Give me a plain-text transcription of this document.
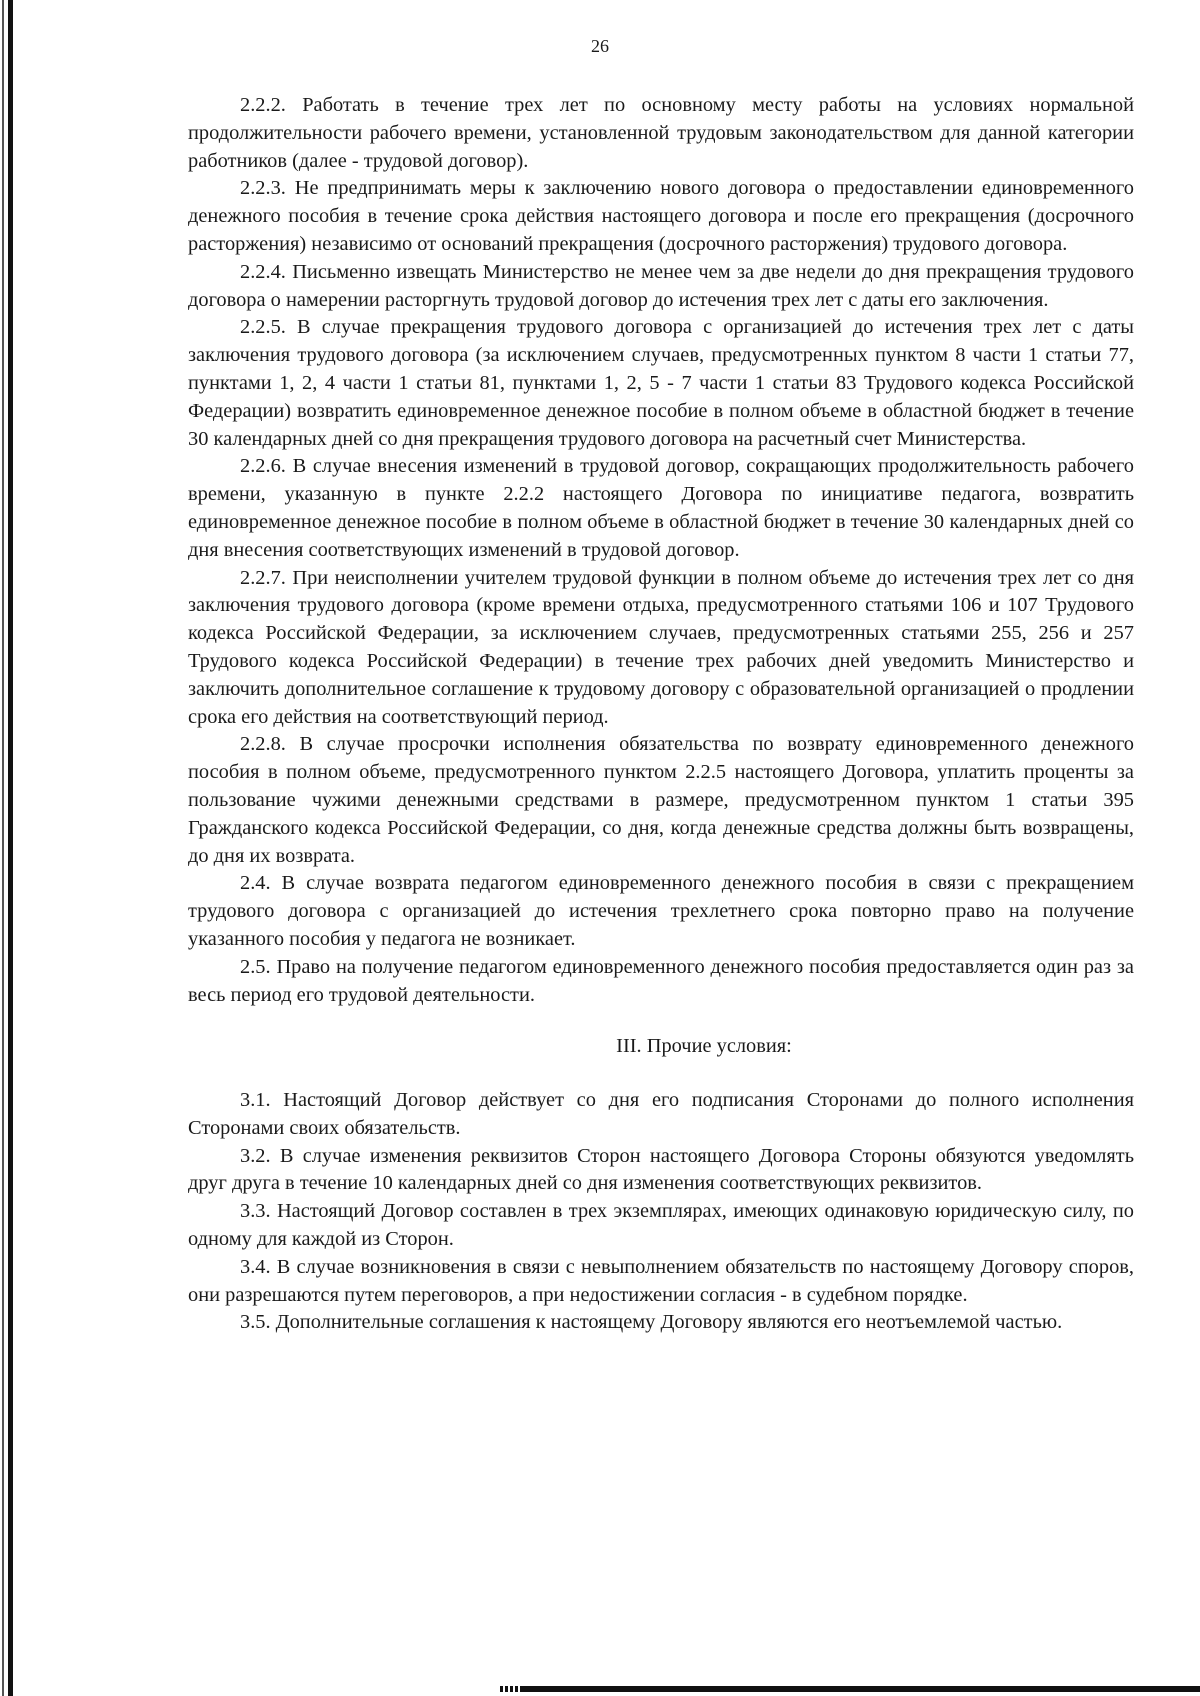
26

2.2.2. Работать в течение трех лет по основному месту работы на условиях нормальной продолжительности рабочего времени, установленной трудовым законодательством для данной категории работников (далее - трудовой договор).

2.2.3. Не предпринимать меры к заключению нового договора о предоставлении единовременного денежного пособия в течение срока действия настоящего договора и после его прекращения (досрочного расторжения) независимо от оснований прекращения (досрочного расторжения) трудового договора.

2.2.4. Письменно извещать Министерство не менее чем за две недели до дня прекращения трудового договора о намерении расторгнуть трудовой договор до истечения трех лет с даты его заключения.

2.2.5. В случае прекращения трудового договора с организацией до истечения трех лет с даты заключения трудового договора (за исключением случаев, предусмотренных пунктом 8 части 1 статьи 77, пунктами 1, 2, 4 части 1 статьи 81, пунктами 1, 2, 5 - 7 части 1 статьи 83 Трудового кодекса Российской Федерации) возвратить единовременное денежное пособие в полном объеме в областной бюджет в течение 30 календарных дней со дня прекращения трудового договора на расчетный счет Министерства.

2.2.6. В случае внесения изменений в трудовой договор, сокращающих продолжительность рабочего времени, указанную в пункте 2.2.2 настоящего Договора по инициативе педагога, возвратить единовременное денежное пособие в полном объеме в областной бюджет в течение 30 календарных дней со дня внесения соответствующих изменений в трудовой договор.

2.2.7. При неисполнении учителем трудовой функции в полном объеме до истечения трех лет со дня заключения трудового договора (кроме времени отдыха, предусмотренного статьями 106 и 107 Трудового кодекса Российской Федерации, за исключением случаев, предусмотренных статьями 255, 256 и 257 Трудового кодекса Российской Федерации) в течение трех рабочих дней уведомить Министерство и заключить дополнительное соглашение к трудовому договору с образовательной организацией о продлении срока его действия на соответствующий период.

2.2.8. В случае просрочки исполнения обязательства по возврату единовременного денежного пособия в полном объеме, предусмотренного пунктом 2.2.5 настоящего Договора, уплатить проценты за пользование чужими денежными средствами в размере, предусмотренном пунктом 1 статьи 395 Гражданского кодекса Российской Федерации, со дня, когда денежные средства должны быть возвращены, до дня их возврата.

2.4. В случае возврата педагогом единовременного денежного пособия в связи с прекращением трудового договора с организацией до истечения трехлетнего срока повторно право на получение указанного пособия у педагога не возникает.

2.5. Право на получение педагогом единовременного денежного пособия предоставляется один раз за весь период его трудовой деятельности.

III. Прочие условия:

3.1. Настоящий Договор действует со дня его подписания Сторонами до полного исполнения Сторонами своих обязательств.

3.2. В случае изменения реквизитов Сторон настоящего Договора Стороны обязуются уведомлять друг друга в течение 10 календарных дней со дня изменения соответствующих реквизитов.

3.3. Настоящий Договор составлен в трех экземплярах, имеющих одинаковую юридическую силу, по одному для каждой из Сторон.

3.4. В случае возникновения в связи с невыполнением обязательств по настоящему Договору споров, они разрешаются путем переговоров, а при недостижении согласия - в судебном порядке.

3.5. Дополнительные соглашения к настоящему Договору являются его неотъемлемой частью.
